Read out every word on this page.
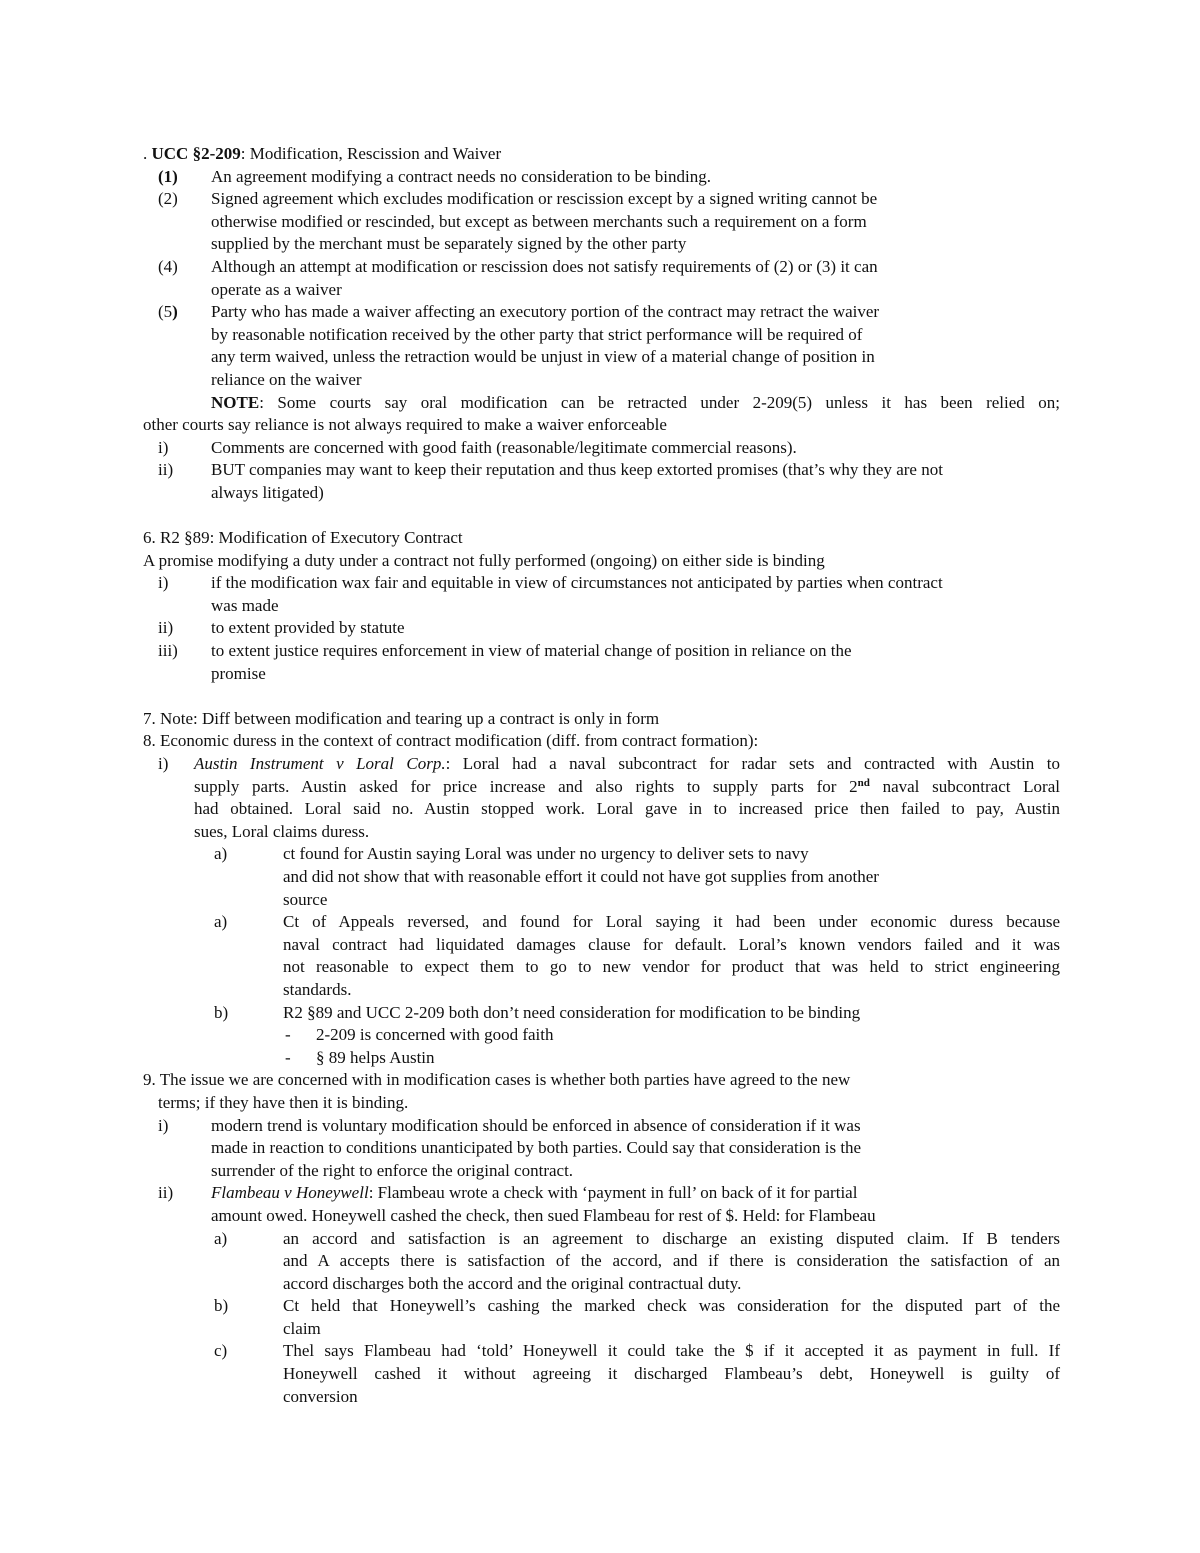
. UCC §2-209: Modification, Rescission and Waiver
(1) An agreement modifying a contract needs no consideration to be binding.
(2) Signed agreement which excludes modification or rescission except by a signed writing cannot be
otherwise modified or rescinded, but except as between merchants such a requirement on a form
supplied by the merchant must be separately signed by the other party
(4) Although an attempt at modification or rescission does not satisfy requirements of (2) or (3) it can
operate as a waiver
(5) Party who has made a waiver affecting an executory portion of the contract may retract the waiver
by reasonable notification received by the other party that strict performance will be required of
any term waived, unless the retraction would be unjust in view of a material change of position in
reliance on the waiver
NOTE: Some courts say oral modification can be retracted under 2-209(5) unless it has been relied on;
other courts say reliance is not always required to make a waiver enforceable
i)	Comments are concerned with good faith (reasonable/legitimate commercial reasons).
ii) BUT companies may want to keep their reputation and thus keep extorted promises (that’s why they are not
always litigated)
6. R2 §89: Modification of Executory Contract
A promise modifying a duty under a contract not fully performed (ongoing) on either side is binding
i)	if the modification wax fair and equitable in view of circumstances not anticipated by parties when contract
was made
ii) to extent provided by statute
iii) to extent justice requires enforcement in view of material change of position in reliance on the
promise
7. Note: Diff between modification and tearing up a contract is only in form
8. Economic duress in the context of contract modification (diff. from contract formation):
i) Austin Instrument v Loral Corp.: Loral had a naval subcontract for radar sets and contracted with Austin to
supply parts. Austin asked for price increase and also rights to supply parts for 2nd naval subcontract Loral
had obtained. Loral said no. Austin stopped work. Loral gave in to increased price then failed to pay, Austin
sues, Loral claims duress.
a)	ct found for Austin saying Loral was under no urgency to deliver sets to navy
and did not show that with reasonable effort it could not have got supplies from another
source
a)	Ct of Appeals reversed, and found for Loral saying it had been under economic duress because
naval contract had liquidated damages clause for default. Loral’s known vendors failed and it was
not reasonable to expect them to go to new vendor for product that was held to strict engineering
standards.
b)	R2 §89 and UCC 2-209 both don’t need consideration for modification to be binding
- 2-209 is concerned with good faith
- § 89 helps Austin
9. The issue we are concerned with in modification cases is whether both parties have agreed to the new
terms; if they have then it is binding.
i)	modern trend is voluntary modification should be enforced in absence of consideration if it was
made in reaction to conditions unanticipated by both parties. Could say that consideration is the
surrender of the right to enforce the original contract.
ii) Flambeau v Honeywell: Flambeau wrote a check with ‘payment in full’ on back of it for partial
amount owed. Honeywell cashed the check, then sued Flambeau for rest of $. Held: for Flambeau
a)	an accord and satisfaction is an agreement to discharge an existing disputed claim. If B tenders
and A accepts there is satisfaction of the accord, and if there is consideration the satisfaction of an
accord discharges both the accord and the original contractual duty.
b)	Ct held that Honeywell’s cashing the marked check was consideration for the disputed part of the
claim
c)	Thel says Flambeau had ‘told’ Honeywell it could take the $ if it accepted it as payment in full. If
Honeywell cashed it without agreeing it discharged Flambeau’s debt, Honeywell is guilty of
conversion
